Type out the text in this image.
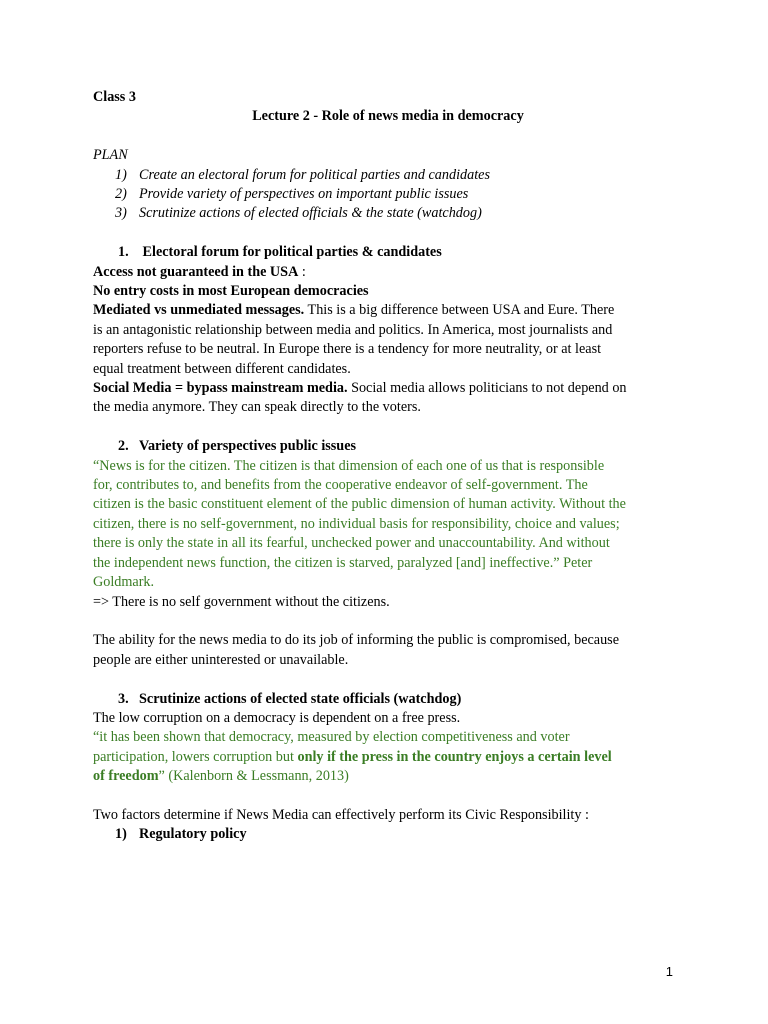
Class 3
Lecture 2 - Role of news media in democracy
PLAN
1) Create an electoral forum for political parties and candidates
2) Provide variety of perspectives on important public issues
3) Scrutinize actions of elected officials & the state (watchdog)
1. Electoral forum for political parties & candidates
Access not guaranteed in the USA :
No entry costs in most European democracies
Mediated vs unmediated messages. This is a big difference between USA and Eure. There
is an antagonistic relationship between media and politics. In America, most journalists and
reporters refuse to be neutral. In Europe there is a tendency for more neutrality, or at least
equal treatment between different candidates.
Social Media = bypass mainstream media. Social media allows politicians to not depend on
the media anymore. They can speak directly to the voters.
2. Variety of perspectives public issues
“News is for the citizen. The citizen is that dimension of each one of us that is responsible
for, contributes to, and benefits from the cooperative endeavor of self-government. The
citizen is the basic constituent element of the public dimension of human activity. Without the
citizen, there is no self-government, no individual basis for responsibility, choice and values;
there is only the state in all its fearful, unchecked power and unaccountability. And without
the independent news function, the citizen is starved, paralyzed [and] ineffective.” Peter
Goldmark.
=> There is no self government without the citizens.
The ability for the news media to do its job of informing the public is compromised, because
people are either uninterested or unavailable.
3. Scrutinize actions of elected state officials (watchdog)
The low corruption on a democracy is dependent on a free press.
“it has been shown that democracy, measured by election competitiveness and voter
participation, lowers corruption but only if the press in the country enjoys a certain level
of freedom” (Kalenborn & Lessmann, 2013)
Two factors determine if News Media can effectively perform its Civic Responsibility :
1) Regulatory policy
1
